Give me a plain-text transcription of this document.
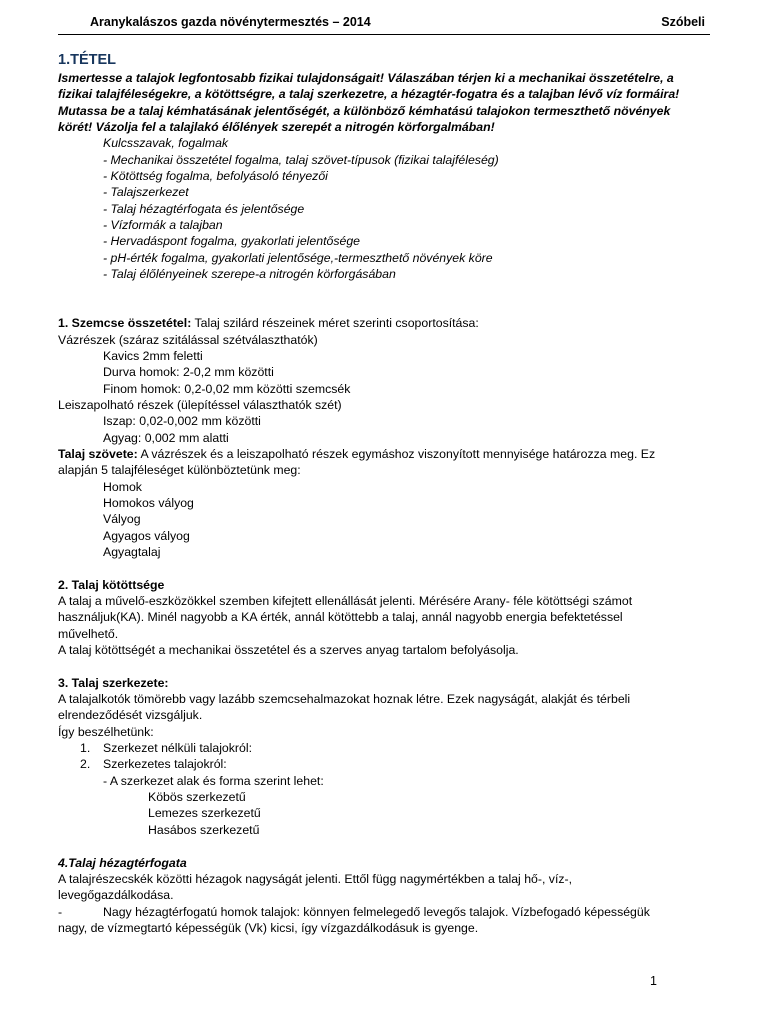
Aranykalászos gazda növénytermesztés – 2014	Szóbeli
1.TÉTEL
Ismertesse a talajok legfontosabb fizikai tulajdonságait! Válaszában térjen ki a mechanikai összetételre, a
fizikai talajféleségekre, a kötöttségre, a talaj szerkezetre, a hézagtér-fogatra és a talajban lévő víz formáira!
Mutassa be a talaj kémhatásának jelentőségét, a különböző kémhatású talajokon termeszthető növények
körét! Vázolja fel a talajlakó élőlények szerepét a nitrogén körforgalmában!
Kulcsszavak, fogalmak
- Mechanikai összetétel fogalma, talaj szövet-típusok (fizikai talajféleség)
- Kötöttség fogalma, befolyásoló tényezői
- Talajszerkezet
- Talaj hézagtérfogata és jelentősége
- Vízformák a talajban
- Hervadáspont fogalma, gyakorlati jelentősége
- pH-érték fogalma, gyakorlati jelentősége,-termeszthető növények köre
- Talaj élőlényeinek szerepe-a nitrogén körforgásában
1. Szemcse összetétel: Talaj szilárd részeinek méret szerinti csoportosítása:
Vázrészek (száraz szitálással szétválaszthatók)
Kavics 2mm feletti
Durva homok: 2-0,2 mm közötti
Finom homok: 0,2-0,02 mm közötti szemcsék
Leiszapolható részek (ülepítéssel választhatók szét)
Iszap: 0,02-0,002 mm közötti
Agyag: 0,002 mm alatti
Talaj szövete: A vázrészek és a leiszapolható részek egymáshoz viszonyított mennyisége határozza meg. Ez
alapján 5 talajféleséget különböztetünk meg:
Homok
Homokos vályog
Vályog
Agyagos vályog
Agyagtalaj
2. Talaj kötöttsége
A talaj a művelő-eszközökkel szemben kifejtett ellenállását jelenti. Mérésére Arany- féle kötöttségi számot
használjuk(KA). Minél nagyobb a KA érték, annál kötöttebb a talaj, annál nagyobb energia befektetéssel
művelhető.
A talaj kötöttségét a mechanikai összetétel és a szerves anyag tartalom befolyásolja.
3. Talaj szerkezete:
A talajalkotók tömörebb vagy lazább szemcsehalmazokat hoznak létre. Ezek nagyságát, alakját és térbeli
elrendeződését vizsgáljuk.
Így beszélhetünk:
1. Szerkezet nélküli talajokról:
2. Szerkezetes talajokról:
- A szerkezet alak és forma szerint lehet:
Köbös szerkezetű
Lemezes szerkezetű
Hasábos szerkezetű
4.Talaj hézagtérfogata
A talajrészecskék közötti hézagok nagyságát jelenti. Ettől függ nagymértékben a talaj hő-, víz-,
levegőgazdálkodása.
-	Nagy hézagtérfogatú homok talajok: könnyen felmelegedő levegős talajok. Vízbefogadó képességük
nagy, de vízmegtartó képességük (Vk) kicsi, így vízgazdálkodásuk is gyenge.
1
